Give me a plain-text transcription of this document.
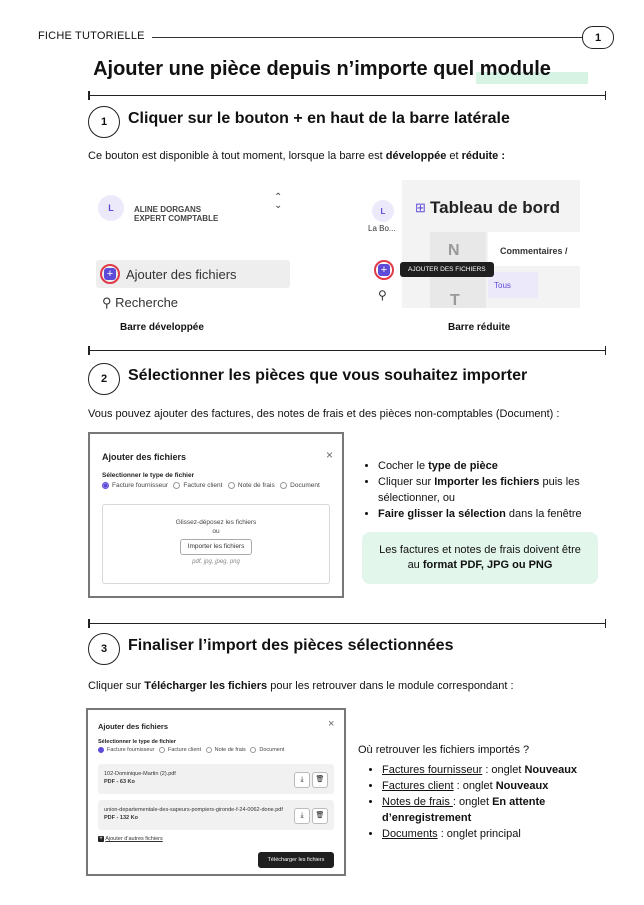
FICHE TUTORIELLE	1
Ajouter une pièce depuis n’importe quel module
1	Cliquer sur le bouton + en haut de la barre latérale
Ce bouton est disponible à tout moment, lorsque la barre est développée et réduite :
L	ALINE DORGANS
EXPERT COMPTABLE
⌃
⌄
+ Ajouter des fichiers
⚲ Recherche
Barre développée
L
La Bo...
⊞ Tableau de bord
N
T
Commentaires /
Tous
+	AJOUTER DES FICHIERS
⚲
Barre réduite
2	Sélectionner les pièces que vous souhaitez importer
Vous pouvez ajouter des factures, des notes de frais et des pièces non-comptables (Document) :
Ajouter des fichiers	×
Sélectionner le type de fichier
Facture fournisseur Facture client Note de frais Document
Glissez-déposez les fichiers
ou
Importer les fichiers
pdf, jpg, jpeg, png
• Cocher le type de pièce
• Cliquer sur Importer les fichiers puis les sélectionner, ou
• Faire glisser la sélection dans la fenêtre
Les factures et notes de frais doivent être au format PDF, JPG ou PNG
3	Finaliser l’import des pièces sélectionnées
Cliquer sur Télécharger les fichiers pour les retrouver dans le module correspondant :
Ajouter des fichiers	×
Sélectionner le type de fichier
Facture fournisseur Facture client Note de frais Document
102-Dominique-Martin (2).pdf
PDF - 63 Ko	⤓	🗑
union-departementale-des-sapeurs-pompiers-gironde-f-24-0062-done.pdf
PDF - 132 Ko	⤓	🗑
+ Ajouter d’autres fichiers
Télécharger les fichiers
Où retrouver les fichiers importés ?
• Factures fournisseur : onglet Nouveaux
• Factures client : onglet Nouveaux
• Notes de frais : onglet En attente d’enregistrement
• Documents : onglet principal
